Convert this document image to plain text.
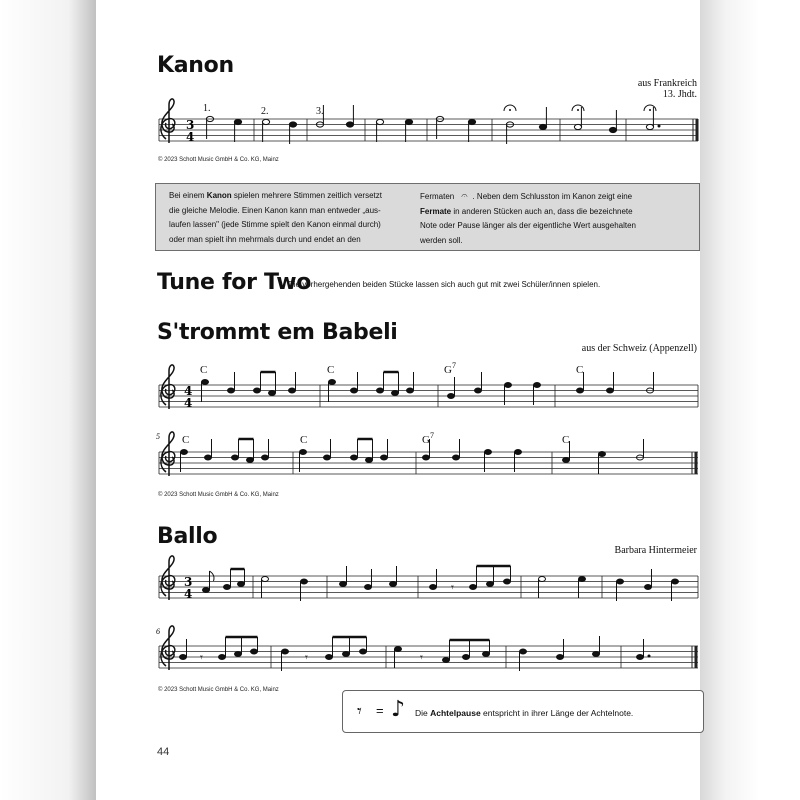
Kanon
aus Frankreich
13. Jhdt.
3
4
1.	2.	3.
4
4
C	C	$G^7$	C
5 C	C	$G^7$	C
3
4	𝄾
6
𝄾	𝄾	𝄾
© 2023 Schott Music GmbH & Co. KG, Mainz
Bei einem Kanon spielen mehrere Stimmen zeitlich versetzt
die gleiche Melodie. Einen Kanon kann man entweder „aus-
laufen lassen" (jede Stimme spielt den Kanon einmal durch)
oder man spielt ihn mehrmals durch und endet an den
Fermaten 𝄐 . Neben dem Schlusston im Kanon zeigt eine
Fermate in anderen Stücken auch an, dass die bezeichnete
Note oder Pause länger als der eigentliche Wert ausgehalten
werden soll.
Tune for Two
Die vorhergehenden beiden Stücke lassen sich auch gut mit zwei Schüler/innen spielen.
S'trommt em Babeli
aus der Schweiz (Appenzell)
© 2023 Schott Music GmbH & Co. KG, Mainz
Ballo
Barbara Hintermeier
© 2023 Schott Music GmbH & Co. KG, Mainz
𝄾 = ♪ Die Achtelpause entspricht in ihrer Länge der Achtelnote.
44
